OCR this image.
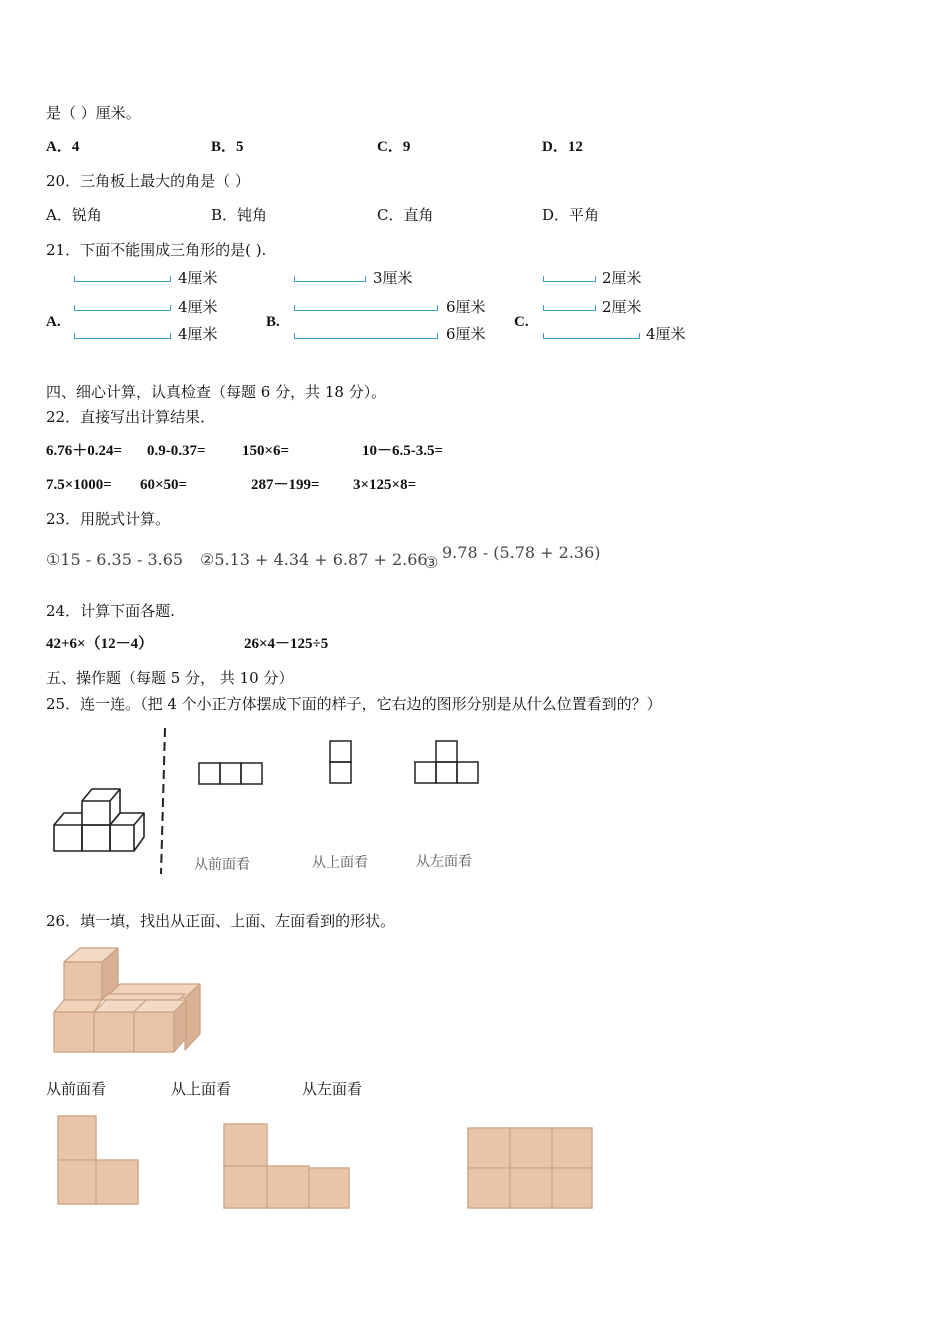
是（ ）厘米。
A．4	B．5	C．9	D．12
20．三角板上最大的角是（ ）
A．锐角	B．钝角	C．直角	D．平角
21．下面不能围成三角形的是( ).
A.
4厘米
4厘米
4厘米
B.
3厘米
6厘米
6厘米
C.
2厘米
2厘米
4厘米
四、细心计算，认真检查（每题 6 分，共 18 分）。
22．直接写出计算结果．
6.76＋0.24= 0.9-0.37= 150×6=	10－6.5-3.5=
7.5×1000= 60×50=	287－199= 3×125×8=
23．用脱式计算。
①15 - 6.35 - 3.65 ②5.13 + 4.34 + 6.87 + 2.66
③
9.78 - (5.78 + 2.36)
24．计算下面各题.
42+6×（12－4）	26×4－125÷5
五、操作题（每题 5 分， 共 10 分）
25．连一连。（把 4 个小正方体摆成下面的样子，它右边的图形分别是从什么位置看到的？）
从前面看	从上面看	从左面看
26．填一填，找出从正面、上面、左面看到的形状。
从前面看	从上面看	从左面看
